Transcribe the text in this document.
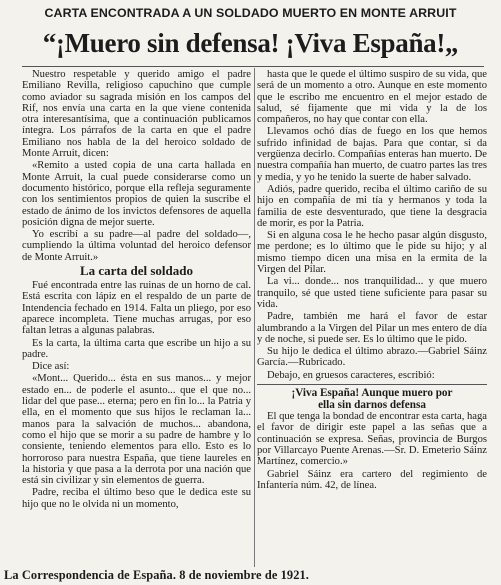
CARTA ENCONTRADA A UN SOLDADO MUERTO EN MONTE ARRUIT
“¡Muero sin defensa! ¡Viva España!„

Nuestro respetable y querido amigo el padre Emiliano Revilla, religioso capuchino que cumple como aviador su sagrada misión en los campos del Rif, nos envía una carta en la que viene contenida otra interesantísima, que a continuación publicamos íntegra. Los párrafos de la carta en que el padre Emiliano nos habla de la del heroico soldado de Monte Arruit, dicen:

«Remito a usted copia de una carta hallada en Monte Arruit, la cual puede considerarse como un documento histórico, porque ella refleja seguramente con los sentimientos propios de quien la suscribe el estado de ánimo de los invictos defensores de aquella posición digna de mejor suerte.

Yo escribí a su padre—al padre del soldado—, cumpliendo la última voluntad del heroico defensor de Monte Arruit.»

La carta del soldado

Fué encontrada entre las ruinas de un horno de cal. Está escrita con lápiz en el respaldo de un parte de Intendencia fechado en 1914. Falta un pliego, por eso aparece incompleta. Tiene muchas arrugas, por eso faltan letras a algunas palabras.

Es la carta, la última carta que escribe un hijo a su padre.

Dice así:

«Mont... Querido... ésta en sus manos... y mejor estado en... de poderle el asunto... que el que no... lidar del que pase... eterna; pero en fin lo... la Patria y ella, en el momento que sus hijos le reclaman la... manos para la salvación de muchos... abandona, como el hijo que se morir a su padre de hambre y lo consiente, teniendo elementos para ello. Esto es lo horroroso para nuestra España, que tiene laureles en la historia y que pasa a la derrota por una nación que está sin civilizar y sin elementos de guerra.

Padre, reciba el último beso que le dedica este su hijo que no le olvida ni un momento,

hasta que le quede el último suspiro de su vida, que será de un momento a otro. Aunque en este momento que le escribo me encuentro en el mejor estado de salud, sé fijamente que mi vida y la de los compañeros, no hay que contar con ella.

Llevamos ochó días de fuego en los que hemos sufrido infinidad de bajas. Para que contar, si da vergüenza decirlo. Compañías enteras han muerto. De nuestra compañía han muerto, de cuatro partes las tres y media, y yo he tenido la suerte de haber salvado.

Adiós, padre querido, reciba el último cariño de su hijo en compañía de mi tía y hermanos y toda la familia de este desventurado, que tiene la desgracia de morir, es por la Patria.

Si en alguna cosa le he hecho pasar algún disgusto, me perdone; es lo último que le pide su hijo; y al mismo tiempo dicen una misa en la ermita de la Virgen del Pilar.

La vi... donde... nos tranquilidad... y que muero tranquilo, sé que usted tiene suficiente para pasar su vida.

Padre, también me hará el favor de estar alumbrando a la Virgen del Pilar un mes entero de día y de noche, si puede ser. Es lo último que le pido.

Su hijo le dedica el último abrazo.—Gabriel Sáinz García.—Rubricado.

Debajo, en gruesos caracteres, escribió:

¡Viva España! Aunque muero por
ella sin darnos defensa

El que tenga la bondad de encontrar esta carta, haga el favor de dirigir este papel a las señas que a continuación se expresa. Señas, provincia de Burgos por Villarcayo Puente Arenas.—Sr. D. Emeterio Sáinz Martínez, comercio.»

Gabriel Sáinz era cartero del regimiento de Infantería núm. 42, de línea.

La Correspondencia de España. 8 de noviembre de 1921.
